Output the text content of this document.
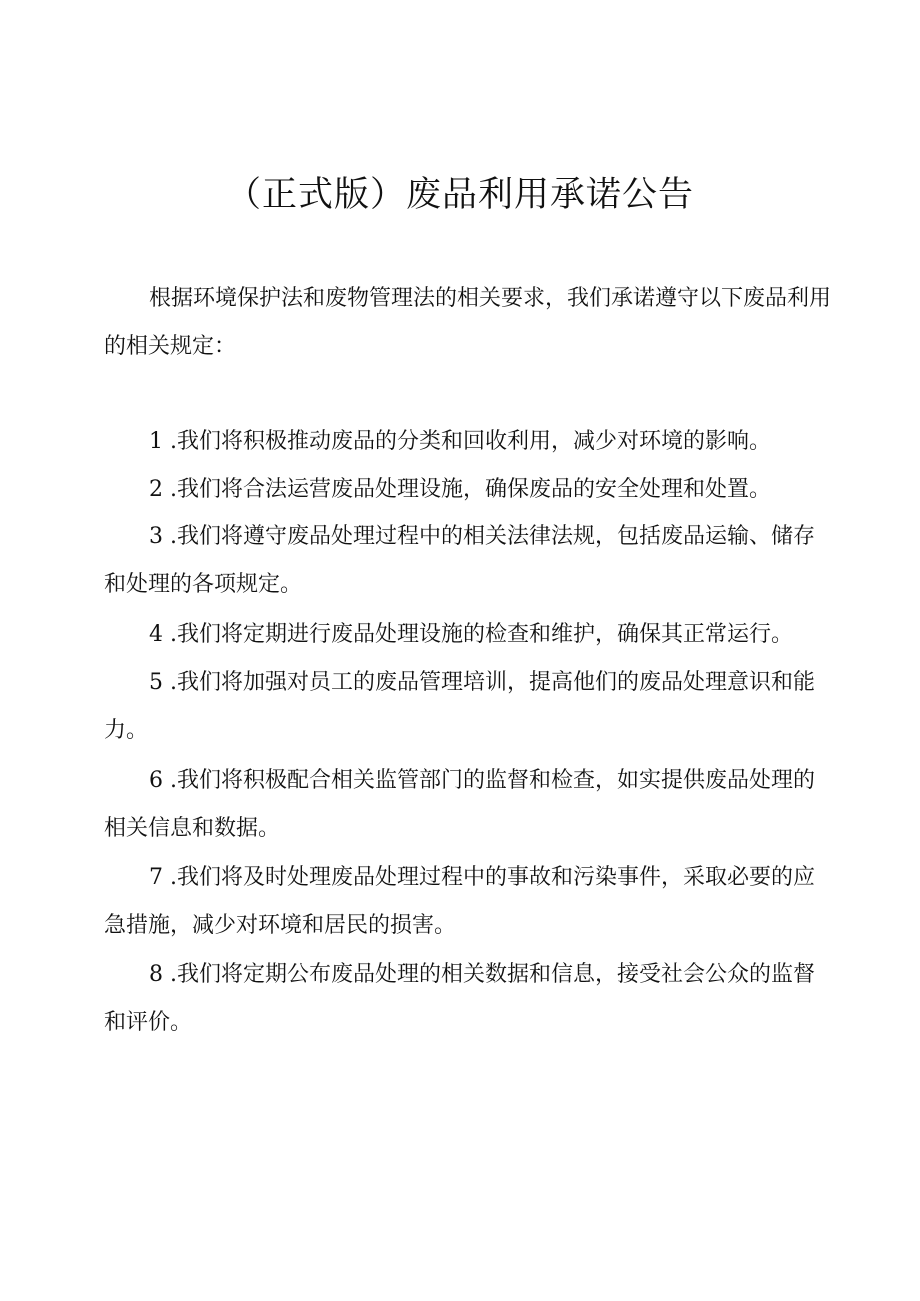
（正式版）废品利用承诺公告

根据环境保护法和废物管理法的相关要求，我们承诺遵守以下废品利用的相关规定：

1 .我们将积极推动废品的分类和回收利用，减少对环境的影响。

2 .我们将合法运营废品处理设施，确保废品的安全处理和处置。

3 .我们将遵守废品处理过程中的相关法律法规，包括废品运输、储存和处理的各项规定。

4 .我们将定期进行废品处理设施的检查和维护，确保其正常运行。

5 .我们将加强对员工的废品管理培训，提高他们的废品处理意识和能力。

6 .我们将积极配合相关监管部门的监督和检查，如实提供废品处理的相关信息和数据。

7 .我们将及时处理废品处理过程中的事故和污染事件，采取必要的应急措施，减少对环境和居民的损害。

8 .我们将定期公布废品处理的相关数据和信息，接受社会公众的监督和评价。
